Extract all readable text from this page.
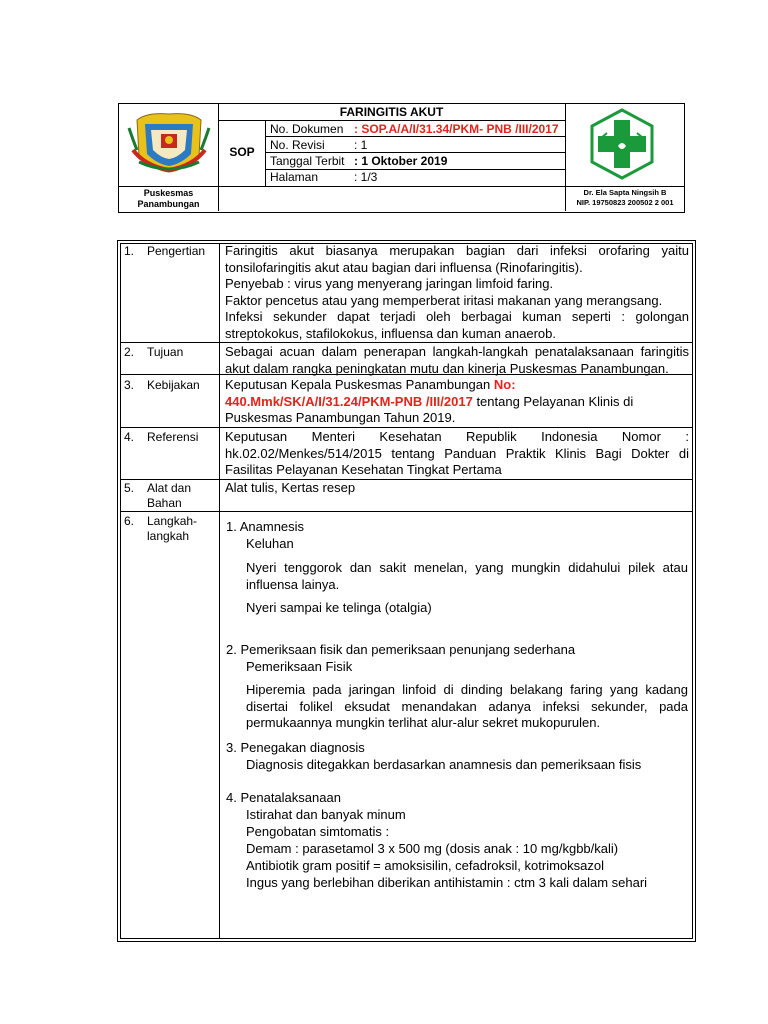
FARINGITIS AKUT
SOP
No. Dokumen : SOP.A/A/I/31.34/PKM- PNB /III/2017
No. Revisi : 1
Tanggal Terbit : 1 Oktober 2019
Halaman	: 1/3
Puskesmas
Panambungan
Dr. Ela Sapta Ningsih B
NIP. 19750823 200502 2 001
1. Pengertian Faringitis akut biasanya merupakan bagian dari infeksi orofaring yaitu tonsilofaringitis akut atau bagian dari influensa (Rinofaringitis).

Penyebab : virus yang menyerang jaringan limfoid faring.

Faktor pencetus atau yang memperberat iritasi makanan yang merangsang.

Infeksi sekunder dapat terjadi oleh berbagai kuman seperti : golongan streptokokus, stafilokokus, influensa dan kuman anaerob.

2. Tujuan	Sebagai acuan dalam penerapan langkah-langkah penatalaksanaan faringitis akut dalam rangka peningkatan mutu dan kinerja Puskesmas Panambungan.
3. Kebijakan Keputusan Kepala Puskesmas Panambungan No: 440.Mmk/SK/A/I/31.24/PKM-PNB /III/2017 tentang Pelayanan Klinis di Puskesmas Panambungan Tahun 2019.
4. Referensi Keputusan Menteri Kesehatan Republik Indonesia Nomor : hk.02.02/Menkes/514/2015 tentang Panduan Praktik Klinis Bagi Dokter di Fasilitas Pelayanan Kesehatan Tingkat Pertama
5. Alat dan
Bahan
Alat tulis, Kertas resep
6. Langkah-
langkah
1. Anamnesis
Keluhan
Nyeri tenggorok dan sakit menelan, yang mungkin didahului pilek atau influensa lainya.
Nyeri sampai ke telinga (otalgia)
2. Pemeriksaan fisik dan pemeriksaan penunjang sederhana
Pemeriksaan Fisik
Hiperemia pada jaringan linfoid di dinding belakang faring yang kadang disertai folikel eksudat menandakan adanya infeksi sekunder, pada permukaannya mungkin terlihat alur-alur sekret mukopurulen.
3. Penegakan diagnosis
Diagnosis ditegakkan berdasarkan anamnesis dan pemeriksaan fisis
4. Penatalaksanaan
Istirahat dan banyak minum
Pengobatan simtomatis :
Demam : parasetamol 3 x 500 mg (dosis anak : 10 mg/kgbb/kali)
Antibiotik gram positif = amoksisilin, cefadroksil, kotrimoksazol
Ingus yang berlebihan diberikan antihistamin : ctm 3 kali dalam sehari
